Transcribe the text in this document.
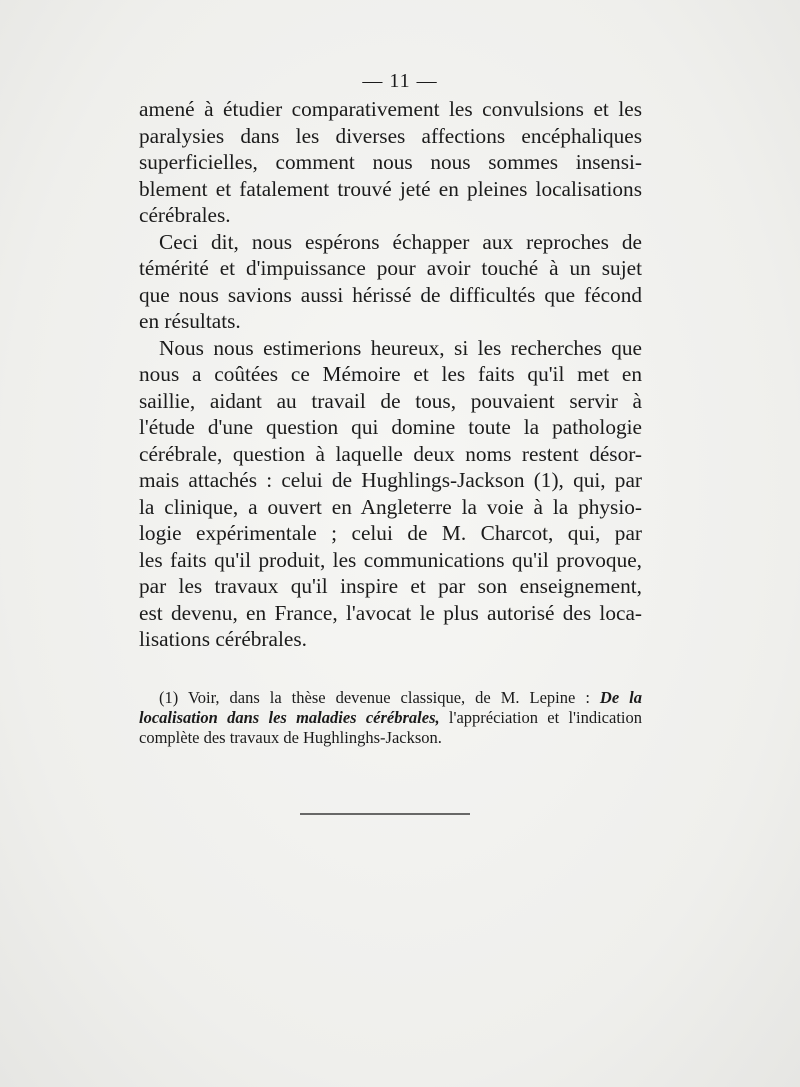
— 11 —
amené à étudier comparativement les convulsions et les
paralysies dans les diverses affections encéphaliques
superficielles, comment nous nous sommes insensi-
blement et fatalement trouvé jeté en pleines localisations
cérébrales.
Ceci dit, nous espérons échapper aux reproches de
témérité et d'impuissance pour avoir touché à un sujet
que nous savions aussi hérissé de difficultés que fécond
en résultats.
Nous nous estimerions heureux, si les recherches que
nous a coûtées ce Mémoire et les faits qu'il met en
saillie, aidant au travail de tous, pouvaient servir à
l'étude d'une question qui domine toute la pathologie
cérébrale, question à laquelle deux noms restent désor-
mais attachés : celui de Hughlings-Jackson (1), qui, par
la clinique, a ouvert en Angleterre la voie à la physio-
logie expérimentale ; celui de M. Charcot, qui, par
les faits qu'il produit, les communications qu'il provoque,
par les travaux qu'il inspire et par son enseignement,
est devenu, en France, l'avocat le plus autorisé des loca-
lisations cérébrales.
(1) Voir, dans la thèse devenue classique, de M. Lepine : De la
localisation dans les maladies cérébrales, l'appréciation et l'indication
complète des travaux de Hughlinghs-Jackson.
